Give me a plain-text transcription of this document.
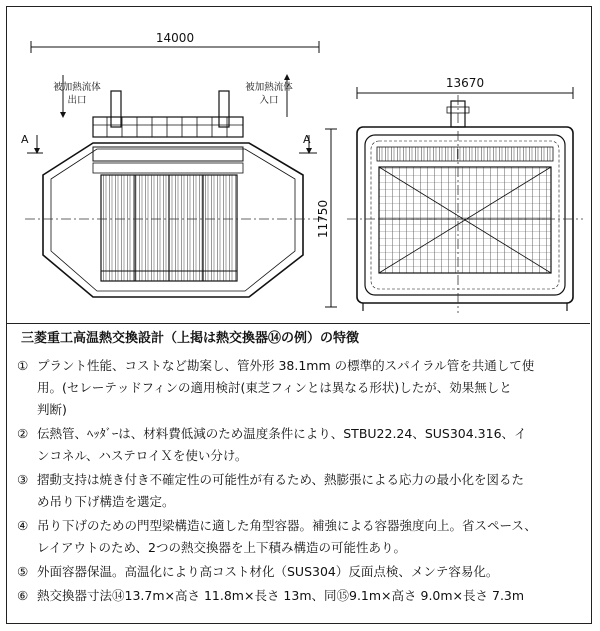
14000
被加熱流体
出口
被加熱流体
入口
A	A
13670
11750
三菱重工高温熱交換設計（上掲は熱交換器⑭の例）の特徴
① プラント性能、コストなど勘案し、管外形 38.1mm の標準的スパイラル管を共通して使
用。(セレーテッドフィンの適用検討(東芝フィンとは異なる形状)したが、効果無しと
判断)
② 伝熱管、ﾍｯﾀﾞｰは、材料費低減のため温度条件により、STBU22.24、SUS304.316、イ
ンコネル、ハステロイＸを使い分け。
③ 摺動支持は焼き付き不確定性の可能性が有るため、熱膨張による応力の最小化を図るた
め吊り下げ構造を選定。
④ 吊り下げのための門型梁構造に適した角型容器。補強による容器強度向上。省スペース、
レイアウトのため、2つの熱交換器を上下積み構造の可能性あり。
⑤ 外面容器保温。高温化により高コスト材化（SUS304）反面点検、メンテ容易化。
⑥ 熱交換器寸法⑭13.7m×高さ 11.8m×長さ 13m、同⑮9.1m×高さ 9.0m×長さ 7.3m
